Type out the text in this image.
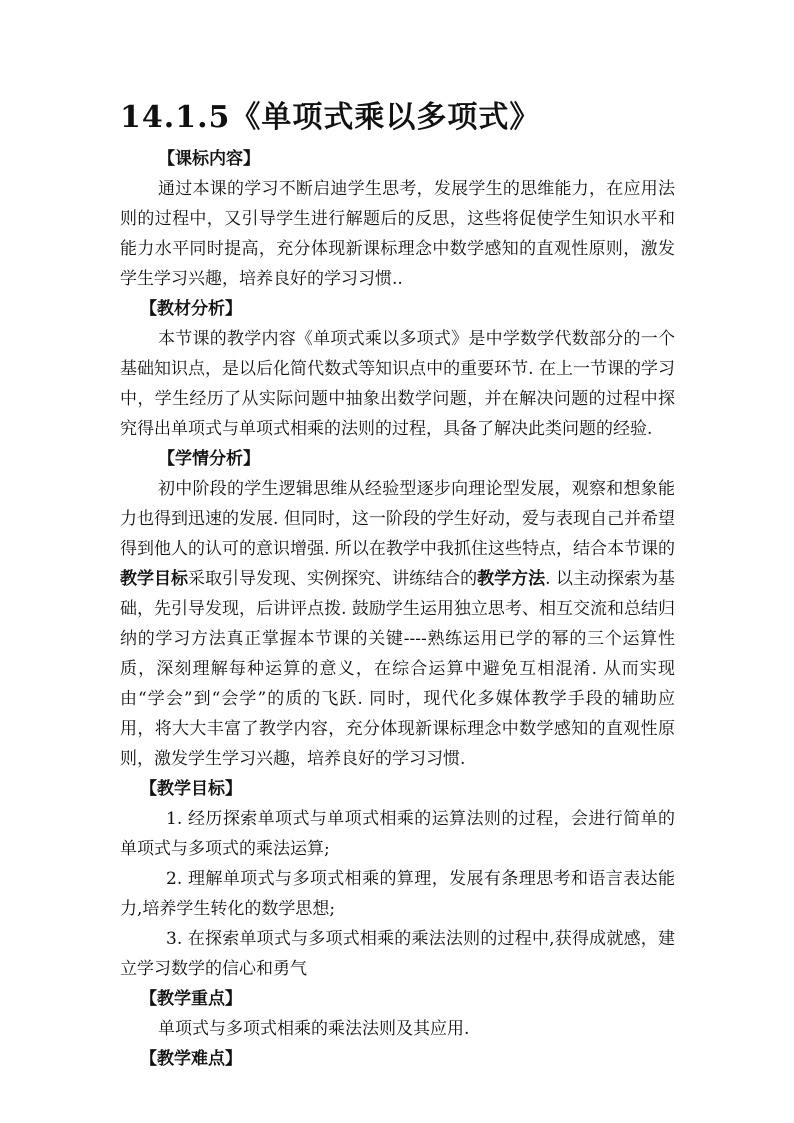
14.1.5《单项式乘以多项式》

【课标内容】

通过本课的学习不断启迪学生思考，发展学生的思维能力，在应用法则的过程中，又引导学生进行解题后的反思，这些将促使学生知识水平和能力水平同时提高，充分体现新课标理念中数学感知的直观性原则，激发学生学习兴趣，培养良好的学习习惯..

【教材分析】

本节课的教学内容《单项式乘以多项式》是中学数学代数部分的一个基础知识点，是以后化简代数式等知识点中的重要环节. 在上一节课的学习中，学生经历了从实际问题中抽象出数学问题，并在解决问题的过程中探究得出单项式与单项式相乘的法则的过程，具备了解决此类问题的经验.

【学情分析】

初中阶段的学生逻辑思维从经验型逐步向理论型发展，观察和想象能力也得到迅速的发展. 但同时，这一阶段的学生好动，爱与表现自己并希望得到他人的认可的意识增强. 所以在教学中我抓住这些特点，结合本节课的教学目标采取引导发现、实例探究、讲练结合的教学方法. 以主动探索为基础，先引导发现，后讲评点拨. 鼓励学生运用独立思考、相互交流和总结归纳的学习方法真正掌握本节课的关键----熟练运用已学的幂的三个运算性质，深刻理解每种运算的意义，在综合运算中避免互相混淆. 从而实现由“学会”到“会学”的质的飞跃. 同时，现代化多媒体教学手段的辅助应用，将大大丰富了教学内容，充分体现新课标理念中数学感知的直观性原则，激发学生学习兴趣，培养良好的学习习惯.

【教学目标】

1. 经历探索单项式与单项式相乘的运算法则的过程，会进行简单的单项式与多项式的乘法运算;

2. 理解单项式与多项式相乘的算理，发展有条理思考和语言表达能力,培养学生转化的数学思想;

3. 在探索单项式与多项式相乘的乘法法则的过程中,获得成就感，建立学习数学的信心和勇气

【教学重点】

单项式与多项式相乘的乘法法则及其应用.

【教学难点】
